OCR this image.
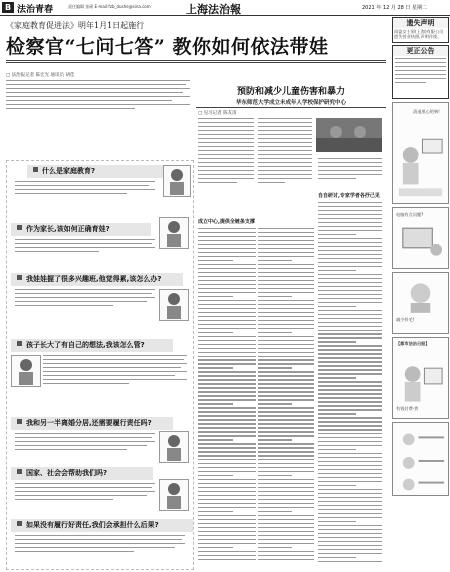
B 法治青春	责任编辑 张硕 E-mail:fzb_dushe@sina.com	上海法治報	2021 年 12 月 28 日 星期二
《家庭教育促进法》明年1月1日起施行
检察官“七问七答” 教你如何依法带娃
□ 法治报记者 陈宏光 通讯员 胡佳
什么是家庭教育?
作为家长,该如何正确育娃?
我娃娃握了很多兴趣班,他觉得累,该怎么办?
孩子长大了有自己的想法,我该怎么管?
我和另一半离婚分居,还需要履行责任吗?
国家、社会会帮助我们吗?
如果没有履行好责任,我们会承担什么后果?
预防和减少儿童伤害和暴力
华东师范大学成立未成年人学校保护研究中心
□ 见习记者 陈友清
自自研讨,专家学者各抒己见
成立中心,提供全链条支撑
遗失声明
闵盈女士原(上海)有限公司遗失营业执照,声明作废。
更正公告
清退黑心的狗!
电脑有点问题?
减少抖毛!
【都市法治日报】
有钱付费·赏
